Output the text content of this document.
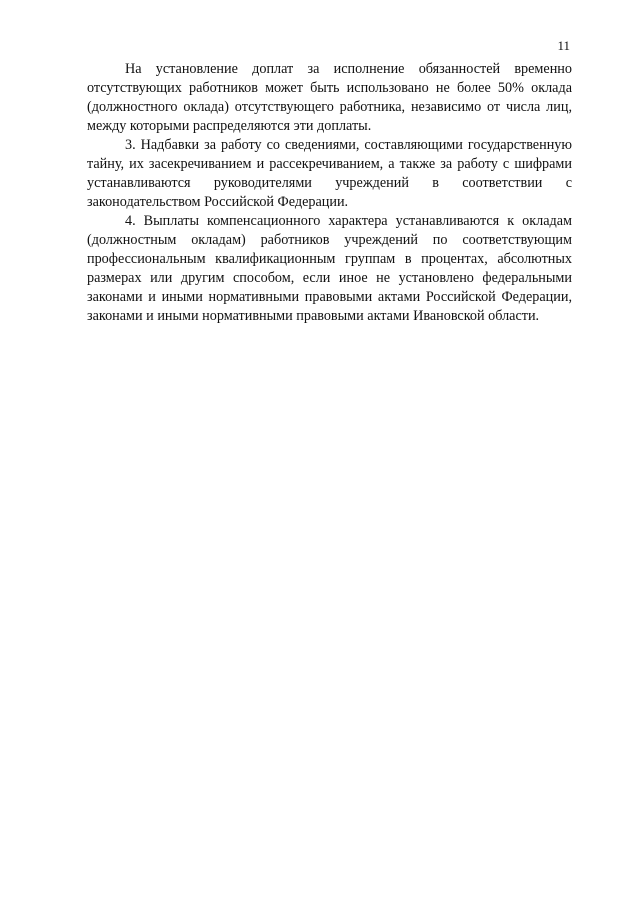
11

На установление доплат за исполнение обязанностей временно отсутствующих работников может быть использовано не более 50% оклада (должностного оклада) отсутствующего работника, независимо от числа лиц, между которыми распределяются эти доплаты.

3. Надбавки за работу со сведениями, составляющими государственную тайну, их засекречиванием и рассекречиванием, а также за работу с шифрами устанавливаются руководителями учреждений в соответствии с законодательством Российской Федерации.

4. Выплаты компенсационного характера устанавливаются к окладам (должностным окладам) работников учреждений по соответствующим профессиональным квалификационным группам в процентах, абсолютных размерах или другим способом, если иное не установлено федеральными законами и иными нормативными правовыми актами Российской Федерации, законами и иными нормативными правовыми актами Ивановской области.
